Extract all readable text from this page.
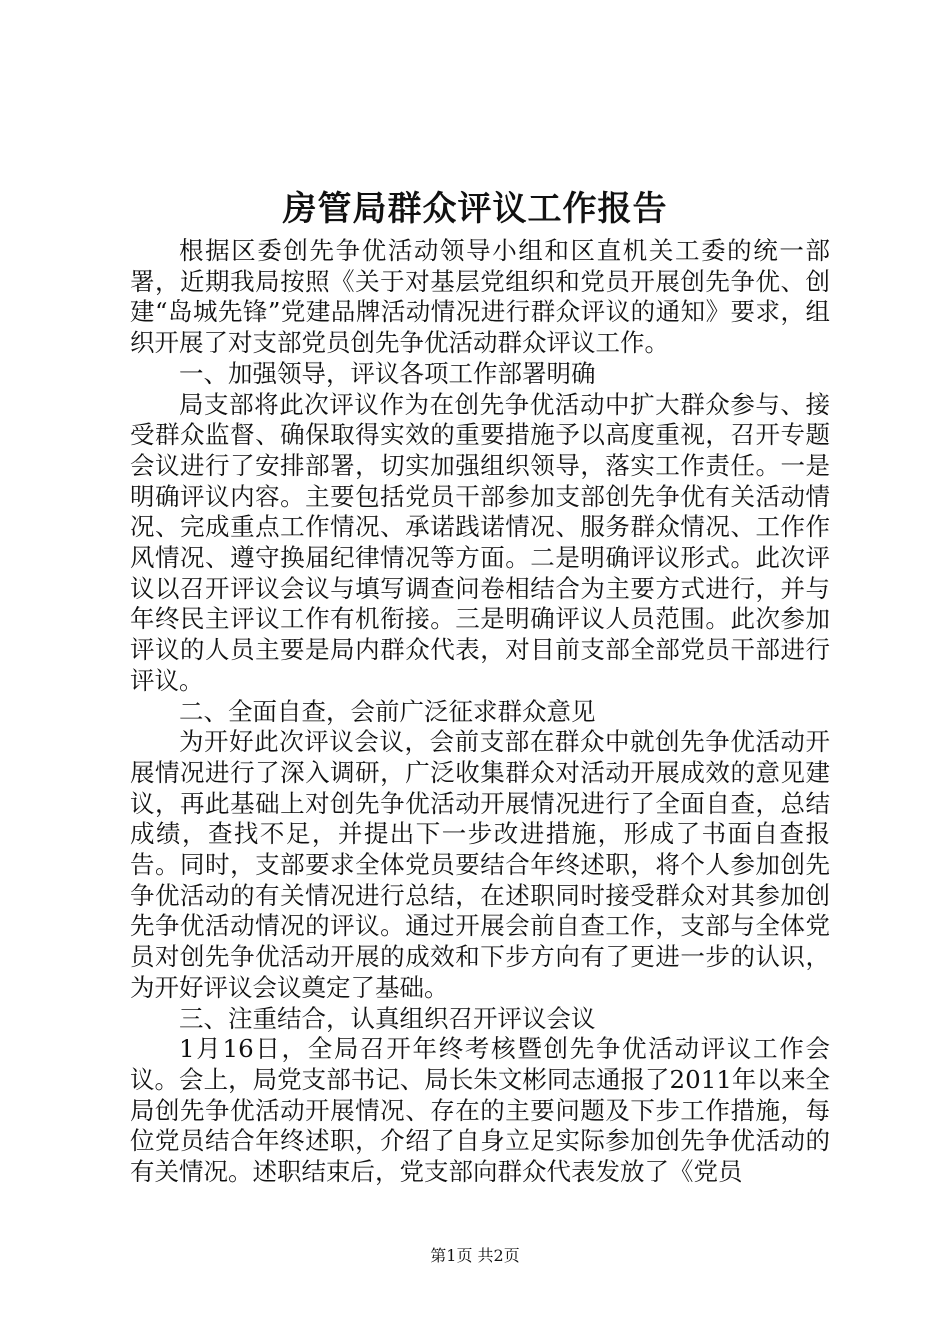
房管局群众评议工作报告

根据区委创先争优活动领导小组和区直机关工委的统一部署，近期我局按照《关于对基层党组织和党员开展创先争优、创建“岛城先锋”党建品牌活动情况进行群众评议的通知》要求，组织开展了对支部党员创先争优活动群众评议工作。

一、加强领导，评议各项工作部署明确

局支部将此次评议作为在创先争优活动中扩大群众参与、接受群众监督、确保取得实效的重要措施予以高度重视，召开专题会议进行了安排部署，切实加强组织领导，落实工作责任。一是明确评议内容。主要包括党员干部参加支部创先争优有关活动情况、完成重点工作情况、承诺践诺情况、服务群众情况、工作作风情况、遵守换届纪律情况等方面。二是明确评议形式。此次评议以召开评议会议与填写调查问卷相结合为主要方式进行，并与年终民主评议工作有机衔接。三是明确评议人员范围。此次参加评议的人员主要是局内群众代表，对目前支部全部党员干部进行评议。

二、全面自查，会前广泛征求群众意见

为开好此次评议会议，会前支部在群众中就创先争优活动开展情况进行了深入调研，广泛收集群众对活动开展成效的意见建议，再此基础上对创先争优活动开展情况进行了全面自查，总结成绩，查找不足，并提出下一步改进措施，形成了书面自查报告。同时，支部要求全体党员要结合年终述职，将个人参加创先争优活动的有关情况进行总结，在述职同时接受群众对其参加创先争优活动情况的评议。通过开展会前自查工作，支部与全体党员对创先争优活动开展的成效和下步方向有了更进一步的认识，为开好评议会议奠定了基础。

三、注重结合，认真组织召开评议会议

1月16日，全局召开年终考核暨创先争优活动评议工作会议。会上，局党支部书记、局长朱文彬同志通报了2011年以来全局创先争优活动开展情况、存在的主要问题及下步工作措施，每位党员结合年终述职，介绍了自身立足实际参加创先争优活动的有关情况。述职结束后，党支部向群众代表发放了《党员

第1页 共2页
